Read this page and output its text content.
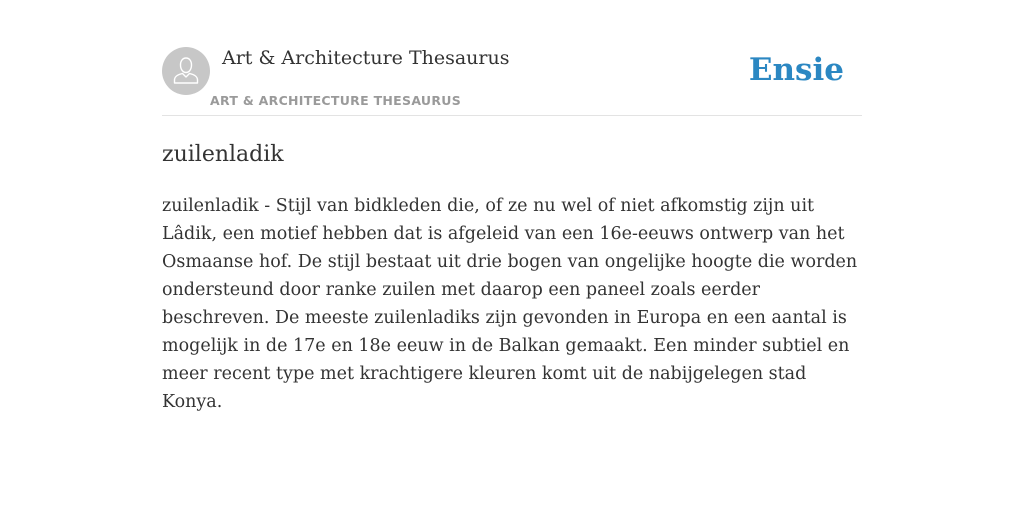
Art & Architecture Thesaurus
ART & ARCHITECTURE THESAURUS
Ensie
zuilenladik

zuilenladik - Stijl van bidkleden die, of ze nu wel of niet afkomstig zijn uit Lâdik, een motief hebben dat is afgeleid van een 16e-eeuws ontwerp van het Osmaanse hof. De stijl bestaat uit drie bogen van ongelijke hoogte die worden ondersteund door ranke zuilen met daarop een paneel zoals eerder beschreven. De meeste zuilenladiks zijn gevonden in Europa en een aantal is mogelijk in de 17e en 18e eeuw in de Balkan gemaakt. Een minder subtiel en meer recent type met krachtigere kleuren komt uit de nabijgelegen stad Konya.
